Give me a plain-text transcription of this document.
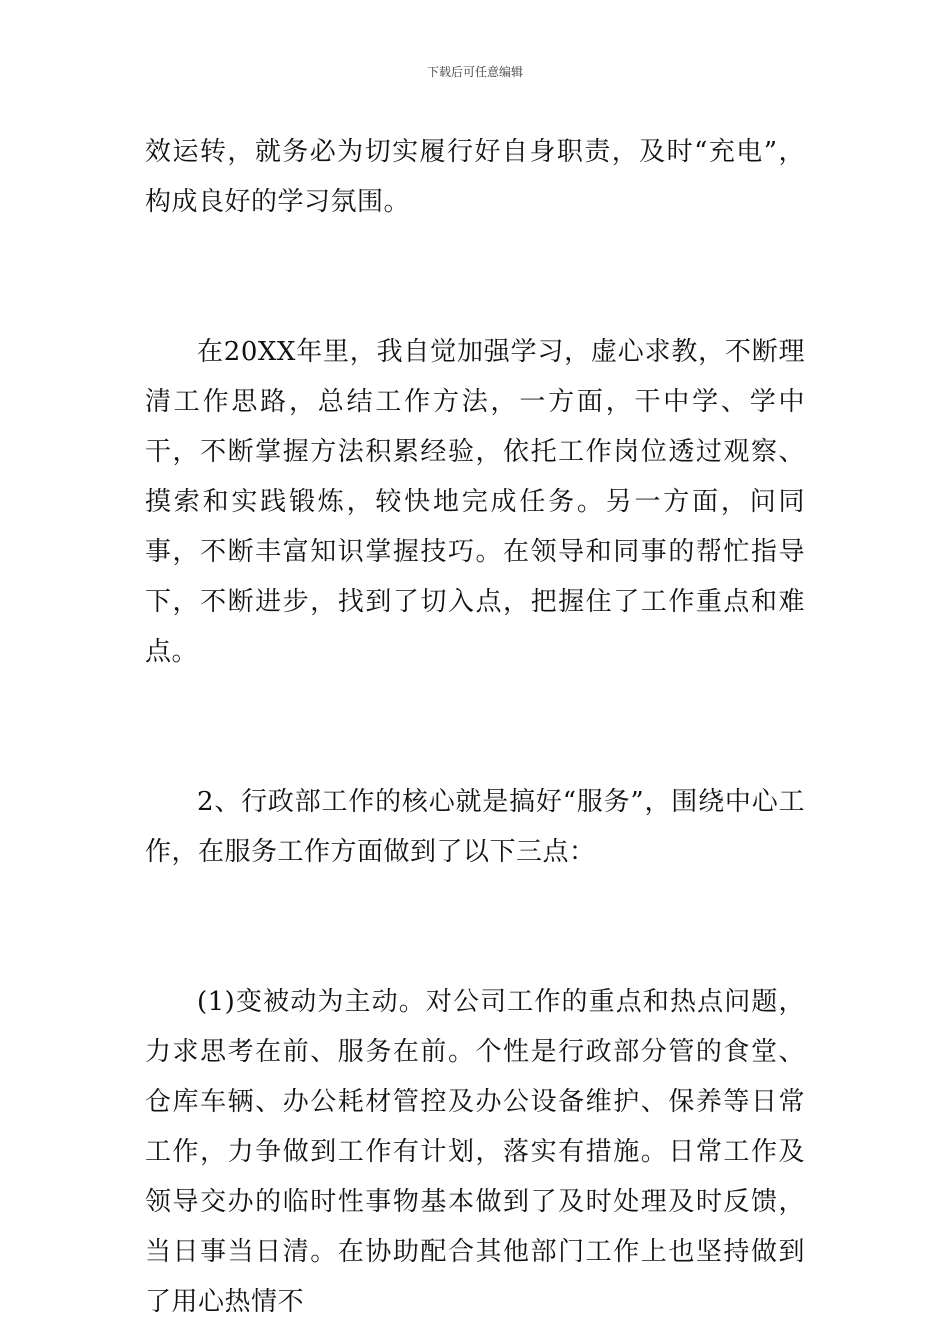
下载后可任意编辑

效运转，就务必为切实履行好自身职责，及时“充电”，构成良好的学习氛围。

在20XX年里，我自觉加强学习，虚心求教，不断理清工作思路，总结工作方法，一方面，干中学、学中干，不断掌握方法积累经验，依托工作岗位透过观察、摸索和实践锻炼，较快地完成任务。另一方面，问同事，不断丰富知识掌握技巧。在领导和同事的帮忙指导下，不断进步，找到了切入点，把握住了工作重点和难点。

2、行政部工作的核心就是搞好“服务”，围绕中心工作，在服务工作方面做到了以下三点：

(1)变被动为主动。对公司工作的重点和热点问题，力求思考在前、服务在前。个性是行政部分管的食堂、仓库车辆、办公耗材管控及办公设备维护、保养等日常工作，力争做到工作有计划，落实有措施。日常工作及领导交办的临时性事物基本做到了及时处理及时反馈，当日事当日清。在协助配合其他部门工作上也坚持做到了用心热情不
